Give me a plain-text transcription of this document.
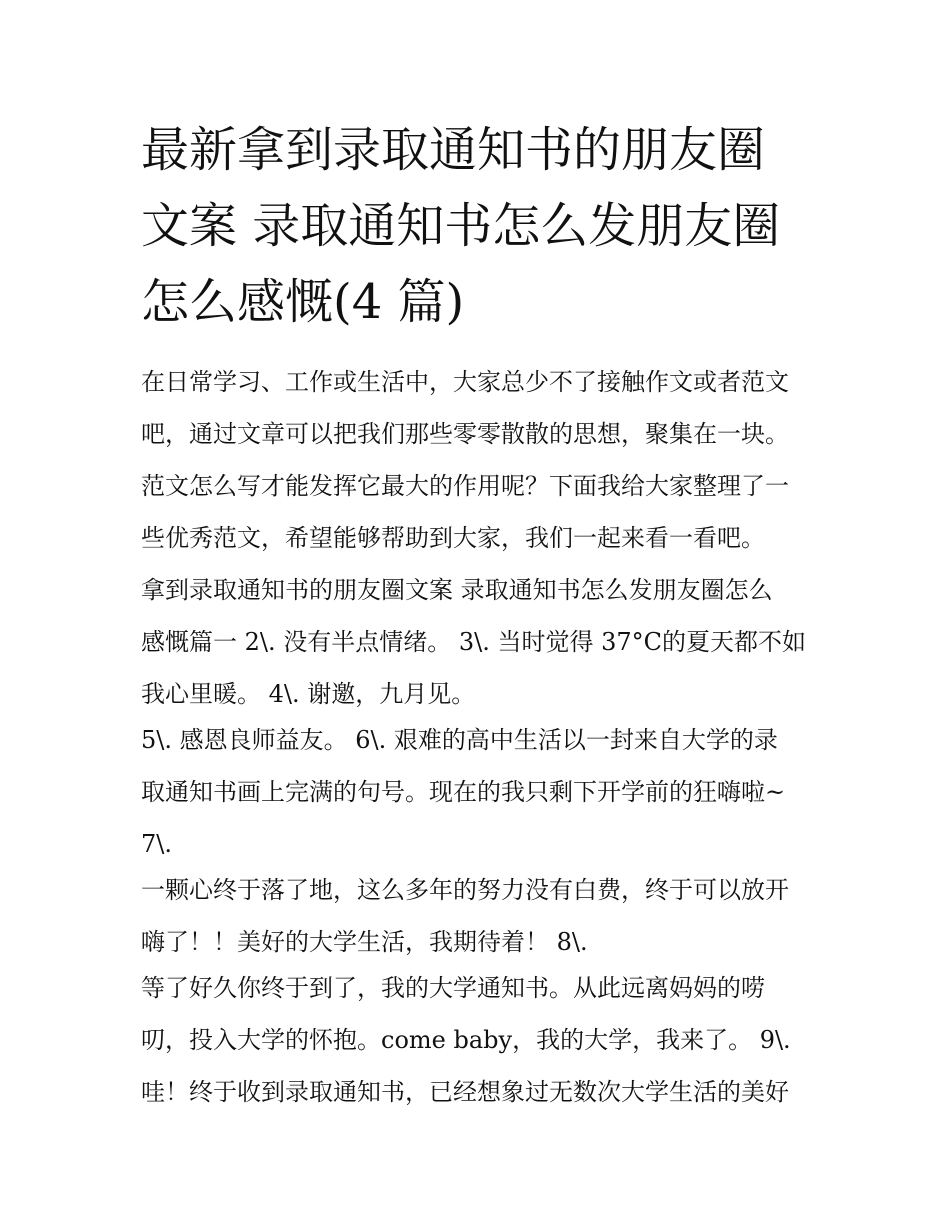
最新拿到录取通知书的朋友圈
文案 录取通知书怎么发朋友圈
怎么感慨(4 篇)
在日常学习、工作或生活中，大家总少不了接触作文或者范文
吧，通过文章可以把我们那些零零散散的思想，聚集在一块。
范文怎么写才能发挥它最大的作用呢？下面我给大家整理了一
些优秀范文，希望能够帮助到大家，我们一起来看一看吧。
拿到录取通知书的朋友圈文案 录取通知书怎么发朋友圈怎么
感慨篇一 2\. 没有半点情绪。 3\. 当时觉得 37°C的夏天都不如
我心里暖。 4\. 谢邀，九月见。
5\. 感恩良师益友。 6\. 艰难的高中生活以一封来自大学的录
取通知书画上完满的句号。现在的我只剩下开学前的狂嗨啦~
7\.
一颗心终于落了地，这么多年的努力没有白费，终于可以放开
嗨了！！美好的大学生活，我期待着！ 8\.
等了好久你终于到了，我的大学通知书。从此远离妈妈的唠
叨，投入大学的怀抱。come baby，我的大学，我来了。 9\.
哇！终于收到录取通知书，已经想象过无数次大学生活的美好
